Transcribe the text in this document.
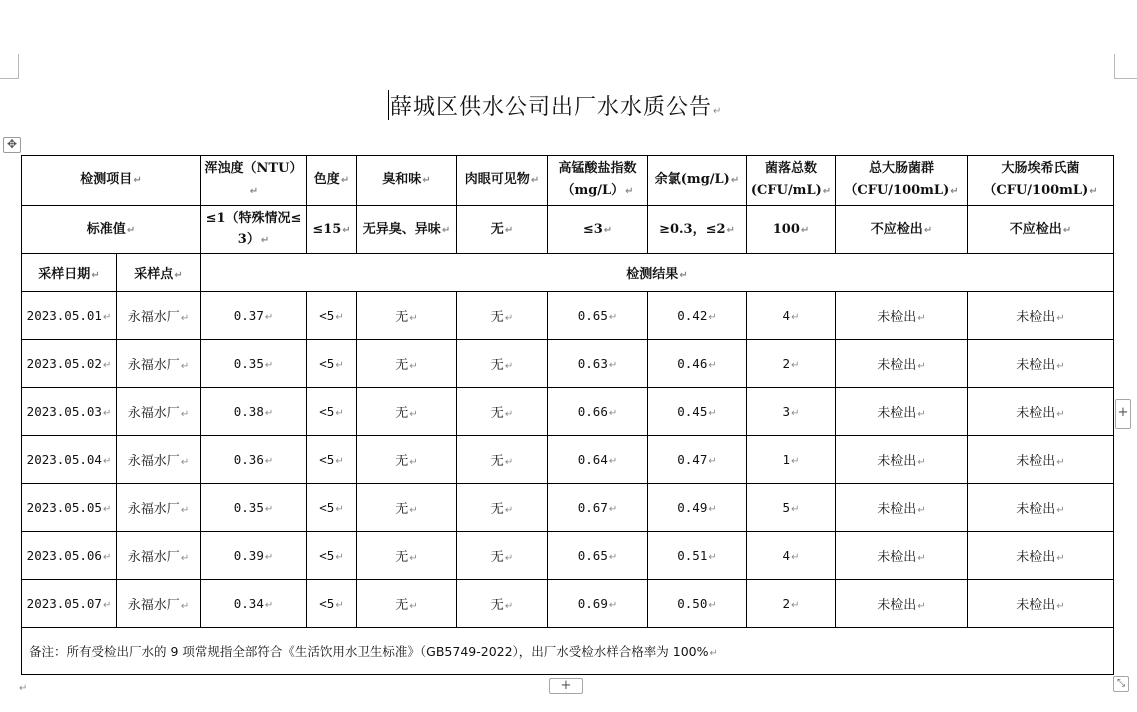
薛城区供水公司出厂水水质公告↵
✥
检测项目↵		浑浊度（NTU）↵	色度↵	臭和味↵	肉眼可见物↵	高锰酸盐指数
（mg/L）↵	余氯(mg/L)↵	菌落总数
(CFU/mL)↵	总大肠菌群
（CFU/100mL)↵	大肠埃希氏菌
（CFU/100mL)↵
标准值↵		≤1（特殊情况≤
3）↵	≤15↵	无异臭、异味↵	无↵	≤3↵	≥0.3，≤2↵	100↵	不应检出↵	不应检出↵
采样日期↵	采样点↵	检测结果↵								
2023.05.01↵	永福水厂↵	0.37↵	<5↵	无↵	无↵	0.65↵	0.42↵	4↵	未检出↵	未检出↵
2023.05.02↵	永福水厂↵	0.35↵	<5↵	无↵	无↵	0.63↵	0.46↵	2↵	未检出↵	未检出↵
2023.05.03↵	永福水厂↵	0.38↵	<5↵	无↵	无↵	0.66↵	0.45↵	3↵	未检出↵	未检出↵
2023.05.04↵	永福水厂↵	0.36↵	<5↵	无↵	无↵	0.64↵	0.47↵	1↵	未检出↵	未检出↵
2023.05.05↵	永福水厂↵	0.35↵	<5↵	无↵	无↵	0.67↵	0.49↵	5↵	未检出↵	未检出↵
2023.05.06↵	永福水厂↵	0.39↵	<5↵	无↵	无↵	0.65↵	0.51↵	4↵	未检出↵	未检出↵
2023.05.07↵	永福水厂↵	0.34↵	<5↵	无↵	无↵	0.69↵	0.50↵	2↵	未检出↵	未检出↵
备注：所有受检出厂水的 9 项常规指全部符合《生活饮用水卫生标准》（GB5749-2022），出厂水受检水样合格率为 100%↵										
+
+	⤡
↵
